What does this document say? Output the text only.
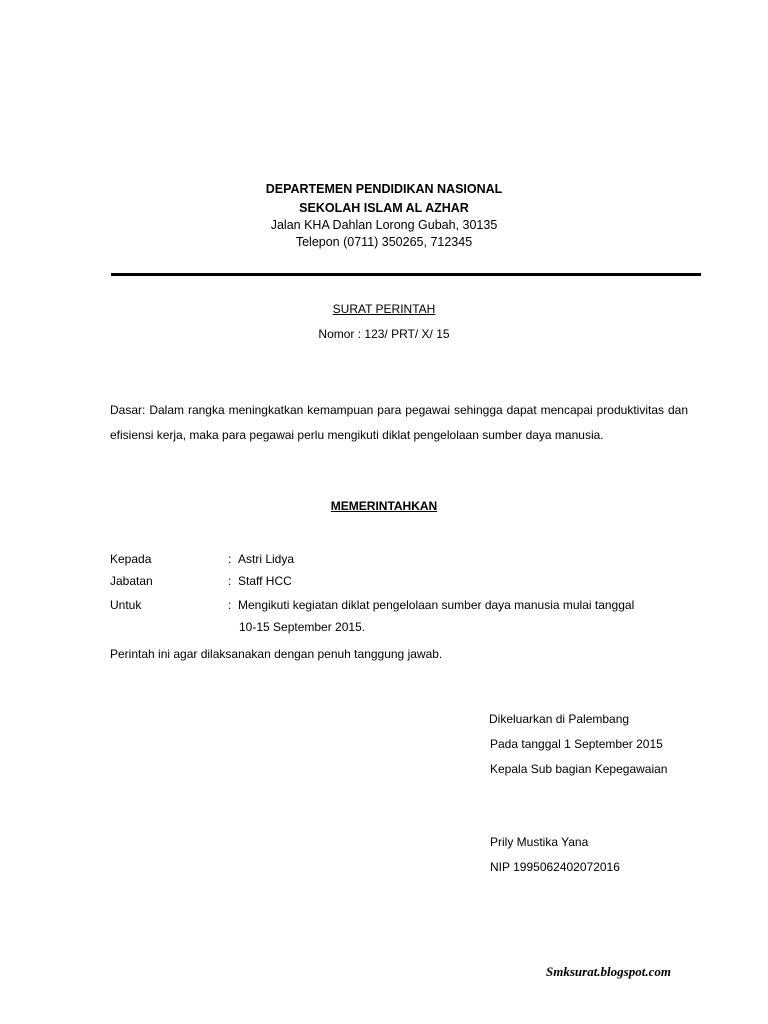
DEPARTEMEN PENDIDIKAN NASIONAL
SEKOLAH ISLAM AL AZHAR
Jalan KHA Dahlan Lorong Gubah, 30135
Telepon (0711) 350265, 712345
SURAT PERINTAH
Nomor : 123/ PRT/ X/ 15
Dasar: Dalam rangka meningkatkan kemampuan para pegawai sehingga dapat mencapai produktivitas dan efisiensi kerja, maka para pegawai perlu mengikuti diklat pengelolaan sumber daya manusia.
MEMERINTAHKAN
Kepada	: Astri Lidya
Jabatan	: Staff HCC
Untuk	: Mengikuti kegiatan diklat pengelolaan sumber daya manusia mulai tanggal
10-15 September 2015.
Perintah ini agar dilaksanakan dengan penuh tanggung jawab.
Dikeluarkan di Palembang
Pada tanggal 1 September 2015
Kepala Sub bagian Kepegawaian
Prily Mustika Yana
NIP 1995062402072016
Smksurat.blogspot.com
